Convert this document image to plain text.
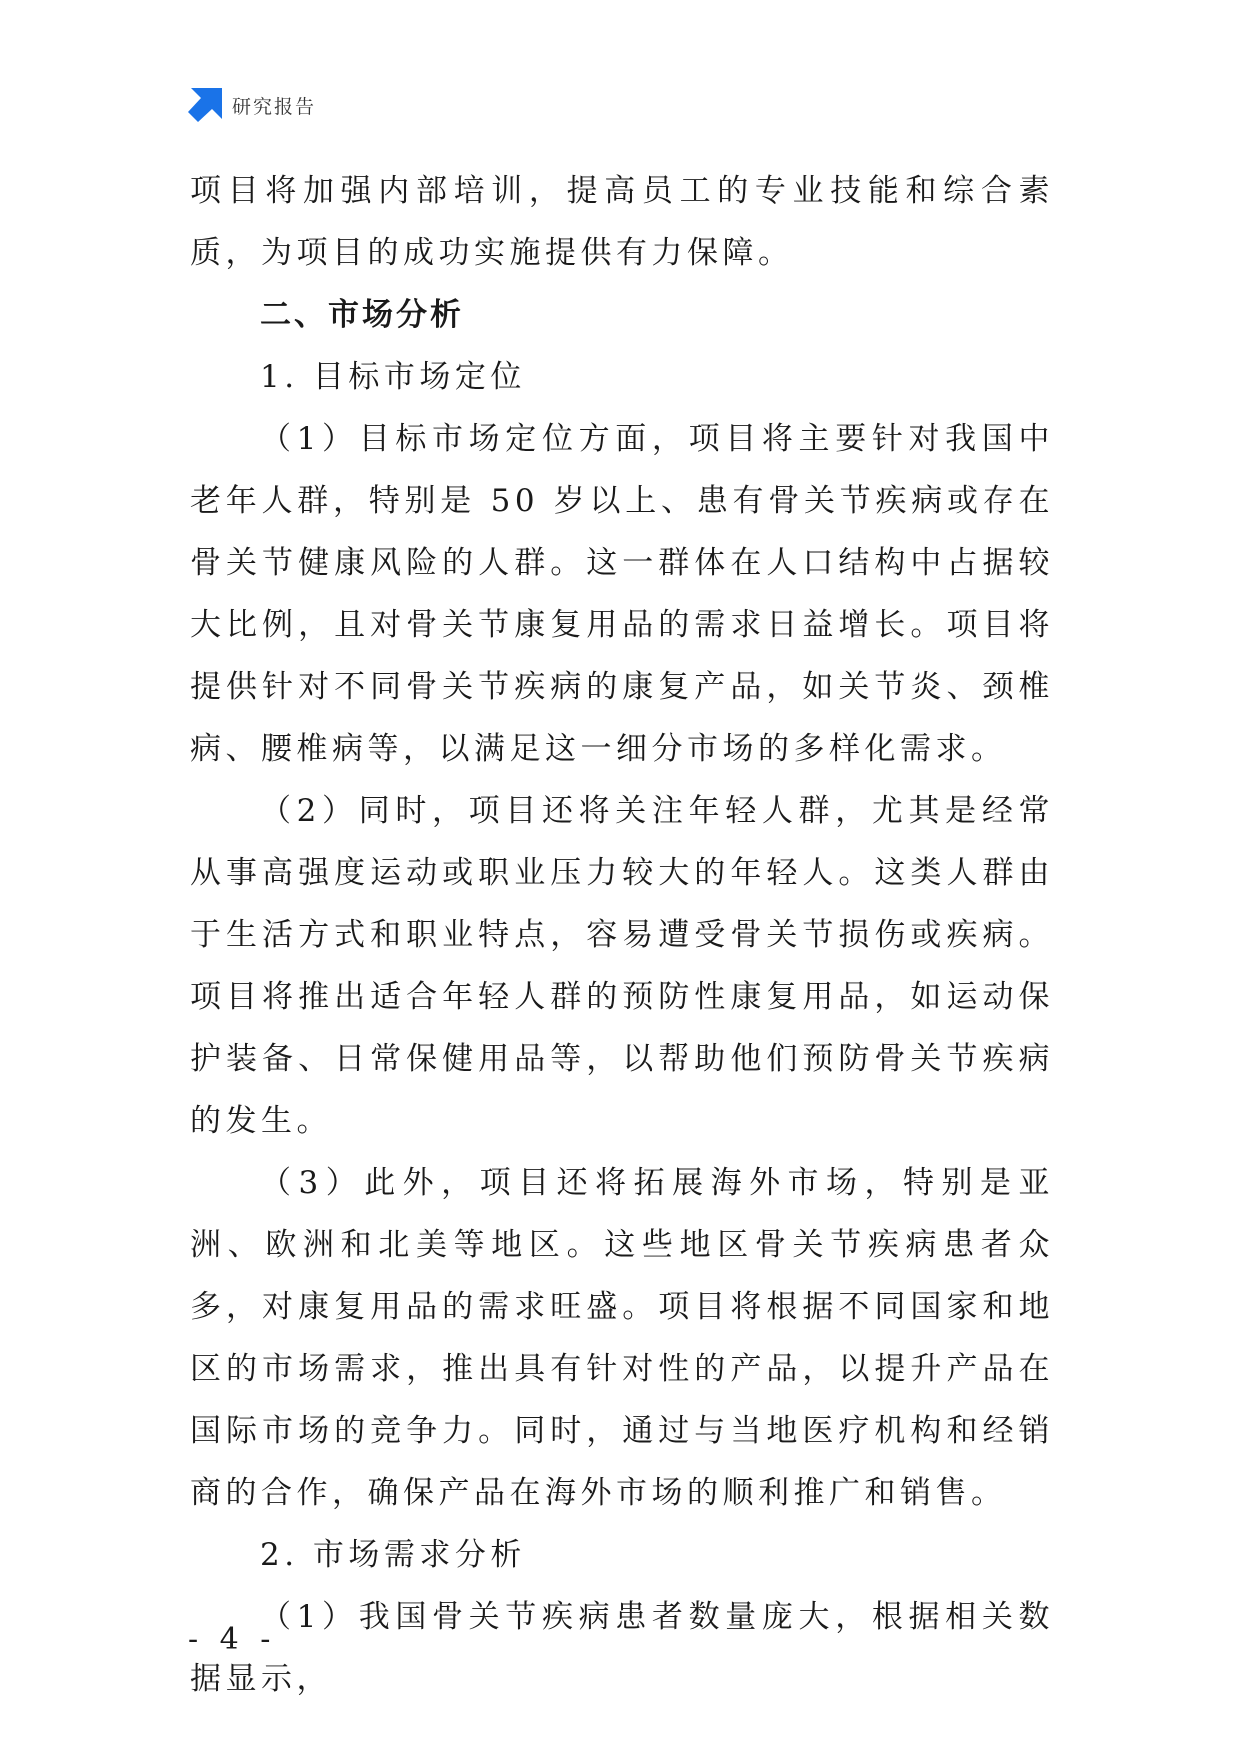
研究报告

项目将加强内部培训，提高员工的专业技能和综合素质，为项目的成功实施提供有力保障。

二、市场分析

1. 目标市场定位

（1）目标市场定位方面，项目将主要针对我国中老年人群，特别是 50 岁以上、患有骨关节疾病或存在骨关节健康风险的人群。这一群体在人口结构中占据较大比例，且对骨关节康复用品的需求日益增长。项目将提供针对不同骨关节疾病的康复产品，如关节炎、颈椎病、腰椎病等，以满足这一细分市场的多样化需求。

（2）同时，项目还将关注年轻人群，尤其是经常从事高强度运动或职业压力较大的年轻人。这类人群由于生活方式和职业特点，容易遭受骨关节损伤或疾病。项目将推出适合年轻人群的预防性康复用品，如运动保护装备、日常保健用品等，以帮助他们预防骨关节疾病的发生。

（3）此外，项目还将拓展海外市场，特别是亚洲、欧洲和北美等地区。这些地区骨关节疾病患者众多，对康复用品的需求旺盛。项目将根据不同国家和地区的市场需求，推出具有针对性的产品，以提升产品在国际市场的竞争力。同时，通过与当地医疗机构和经销商的合作，确保产品在海外市场的顺利推广和销售。

2. 市场需求分析

（1）我国骨关节疾病患者数量庞大，根据相关数据显示，

- 4 -
